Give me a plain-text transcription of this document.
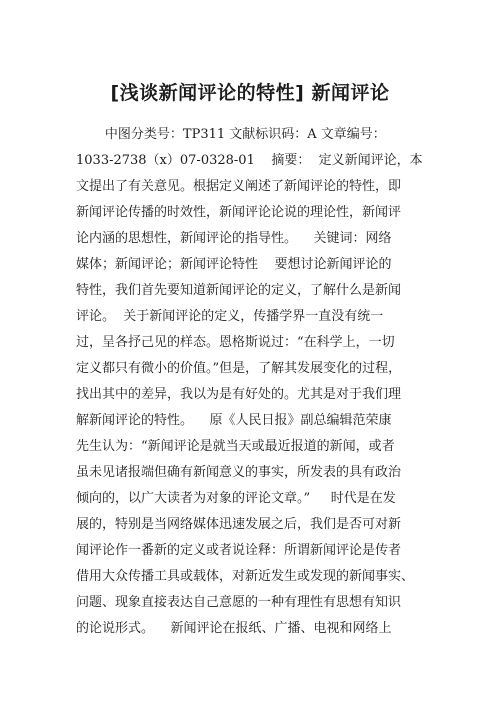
[浅谈新闻评论的特性] 新闻评论
中图分类号：TP311 文献标识码：A 文章编号：
1033-2738（x）07-0328-01    摘要：  定义新闻评论，本
文提出了有关意见。根据定义阐述了新闻评论的特性，即
新闻评论传播的时效性，新闻评论论说的理论性，新闻评
论内涵的思想性，新闻评论的指导性。    关键词：网络
媒体；新闻评论；新闻评论特性    要想讨论新闻评论的
特性，我们首先要知道新闻评论的定义，了解什么是新闻
评论。  关于新闻评论的定义，传播学界一直没有统一
过，呈各抒己见的样态。恩格斯说过：“在科学上，一切
定义都只有微小的价值。”但是，了解其发展变化的过程，
找出其中的差异，我以为是有好处的。尤其是对于我们理
解新闻评论的特性。    原《人民日报》副总编辑范荣康
先生认为：“新闻评论是就当天或最近报道的新闻，或者
虽未见诸报端但确有新闻意义的事实，所发表的具有政治
倾向的，以广大读者为对象的评论文章。”     时代是在发
展的，特别是当网络媒体迅速发展之后，我们是否可对新
闻评论作一番新的定义或者说诠释：所谓新闻评论是传者
借用大众传播工具或载体，对新近发生或发现的新闻事实、
问题、现象直接表达自己意愿的一种有理性有思想有知识
的论说形式。    新闻评论在报纸、广播、电视和网络上
